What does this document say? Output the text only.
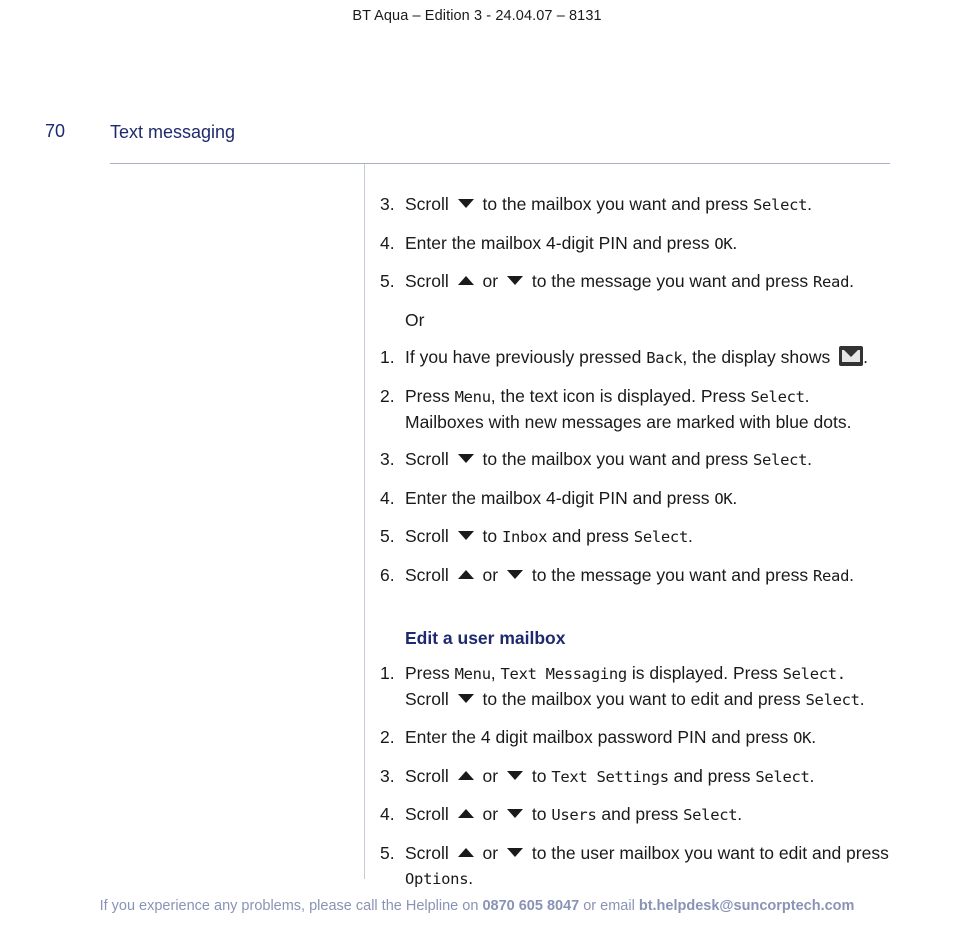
BT Aqua – Edition 3 - 24.04.07 – 8131
70 Text messaging
3. Scroll to the mailbox you want and press Select.
4. Enter the mailbox 4-digit PIN and press OK.
5. Scroll or to the message you want and press Read.
Or
1. If you have previously pressed Back, the display shows .
2. Press Menu, the text icon is displayed. Press Select. Mailboxes with new messages are marked with blue dots.
3. Scroll to the mailbox you want and press Select.
4. Enter the mailbox 4-digit PIN and press OK.
5. Scroll to Inbox and press Select.
6. Scroll or to the message you want and press Read.
Edit a user mailbox
1. Press Menu, Text Messaging is displayed. Press Select.
Scroll to the mailbox you want to edit and press Select.
2. Enter the 4 digit mailbox password PIN and press OK.
3. Scroll or to Text Settings and press Select.
4. Scroll or to Users and press Select.
5. Scroll or to the user mailbox you want to edit and press Options.
If you experience any problems, please call the Helpline on 0870 605 8047 or email bt.helpdesk@suncorptech.com
